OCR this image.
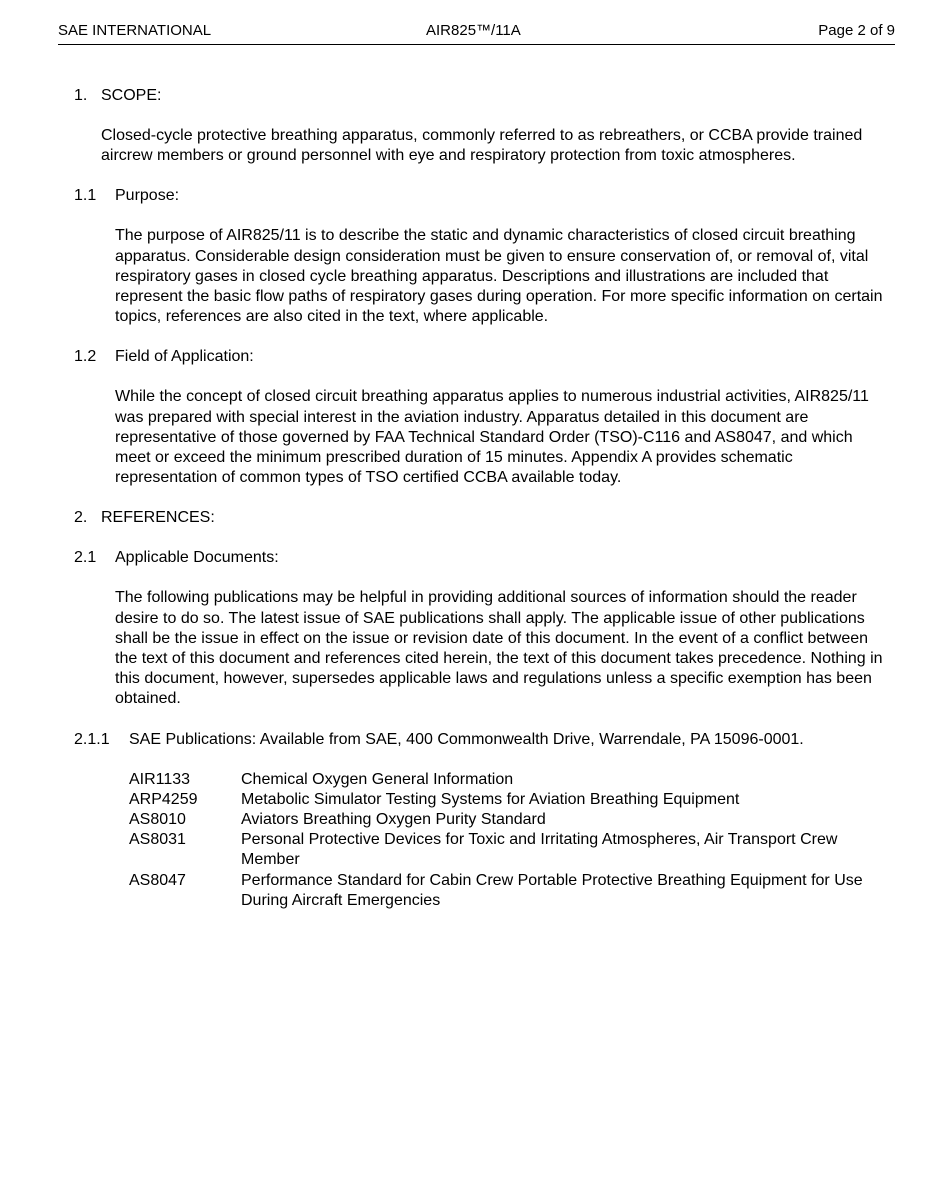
SAE INTERNATIONAL	AIR825™/11A	Page 2 of 9
1. SCOPE:
Closed-cycle protective breathing apparatus, commonly referred to as rebreathers, or CCBA provide trained aircrew members or ground personnel with eye and respiratory protection from toxic atmospheres.
1.1 Purpose:
The purpose of AIR825/11 is to describe the static and dynamic characteristics of closed circuit breathing apparatus. Considerable design consideration must be given to ensure conservation of, or removal of, vital respiratory gases in closed cycle breathing apparatus. Descriptions and illustrations are included that represent the basic flow paths of respiratory gases during operation. For more specific information on certain topics, references are also cited in the text, where applicable.
1.2 Field of Application:
While the concept of closed circuit breathing apparatus applies to numerous industrial activities, AIR825/11 was prepared with special interest in the aviation industry. Apparatus detailed in this document are representative of those governed by FAA Technical Standard Order (TSO)-C116 and AS8047, and which meet or exceed the minimum prescribed duration of 15 minutes. Appendix A provides schematic representation of common types of TSO certified CCBA available today.
2. REFERENCES:
2.1 Applicable Documents:
The following publications may be helpful in providing additional sources of information should the reader desire to do so. The latest issue of SAE publications shall apply. The applicable issue of other publications shall be the issue in effect on the issue or revision date of this document. In the event of a conflict between the text of this document and references cited herein, the text of this document takes precedence. Nothing in this document, however, supersedes applicable laws and regulations unless a specific exemption has been obtained.
2.1.1 SAE Publications: Available from SAE, 400 Commonwealth Drive, Warrendale, PA 15096-0001.
AIR1133	Chemical Oxygen General Information
ARP4259	Metabolic Simulator Testing Systems for Aviation Breathing Equipment
AS8010	Aviators Breathing Oxygen Purity Standard
AS8031	Personal Protective Devices for Toxic and Irritating Atmospheres, Air Transport Crew Member
AS8047	Performance Standard for Cabin Crew Portable Protective Breathing Equipment for Use During Aircraft Emergencies
